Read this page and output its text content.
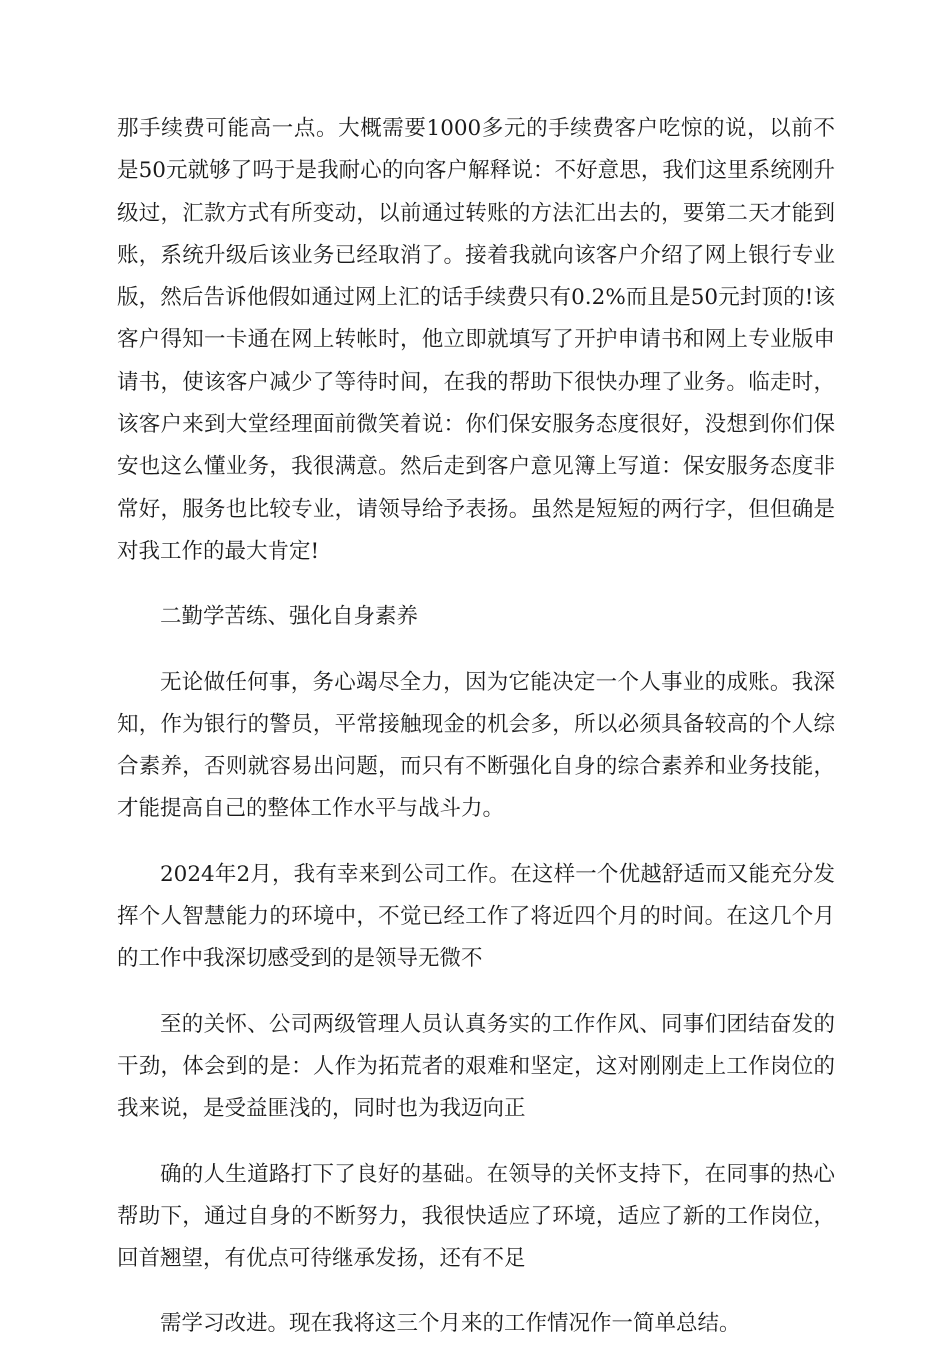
那手续费可能高一点。大概需要1000多元的手续费客户吃惊的说，以前不是50元就够了吗于是我耐心的向客户解释说：不好意思，我们这里系统刚升级过，汇款方式有所变动，以前通过转账的方法汇出去的，要第二天才能到账，系统升级后该业务已经取消了。接着我就向该客户介绍了网上银行专业版，然后告诉他假如通过网上汇的话手续费只有0.2%而且是50元封顶的!该客户得知一卡通在网上转帐时，他立即就填写了开护申请书和网上专业版申请书，使该客户减少了等待时间，在我的帮助下很快办理了业务。临走时，该客户来到大堂经理面前微笑着说：你们保安服务态度很好，没想到你们保安也这么懂业务，我很满意。然后走到客户意见簿上写道：保安服务态度非常好，服务也比较专业，请领导给予表扬。虽然是短短的两行字，但但确是对我工作的最大肯定!

二勤学苦练、强化自身素养

无论做任何事，务心竭尽全力，因为它能决定一个人事业的成账。我深知，作为银行的警员，平常接触现金的机会多，所以必须具备较高的个人综合素养，否则就容易出问题，而只有不断强化自身的综合素养和业务技能，才能提高自己的整体工作水平与战斗力。

2024年2月，我有幸来到公司工作。在这样一个优越舒适而又能充分发挥个人智慧能力的环境中，不觉已经工作了将近四个月的时间。在这几个月的工作中我深切感受到的是领导无微不

至的关怀、公司两级管理人员认真务实的工作作风、同事们团结奋发的干劲，体会到的是：人作为拓荒者的艰难和坚定，这对刚刚走上工作岗位的我来说，是受益匪浅的，同时也为我迈向正

确的人生道路打下了良好的基础。在领导的关怀支持下，在同事的热心帮助下，通过自身的不断努力，我很快适应了环境，适应了新的工作岗位，回首翘望，有优点可待继承发扬，还有不足

需学习改进。现在我将这三个月来的工作情况作一简单总结。
